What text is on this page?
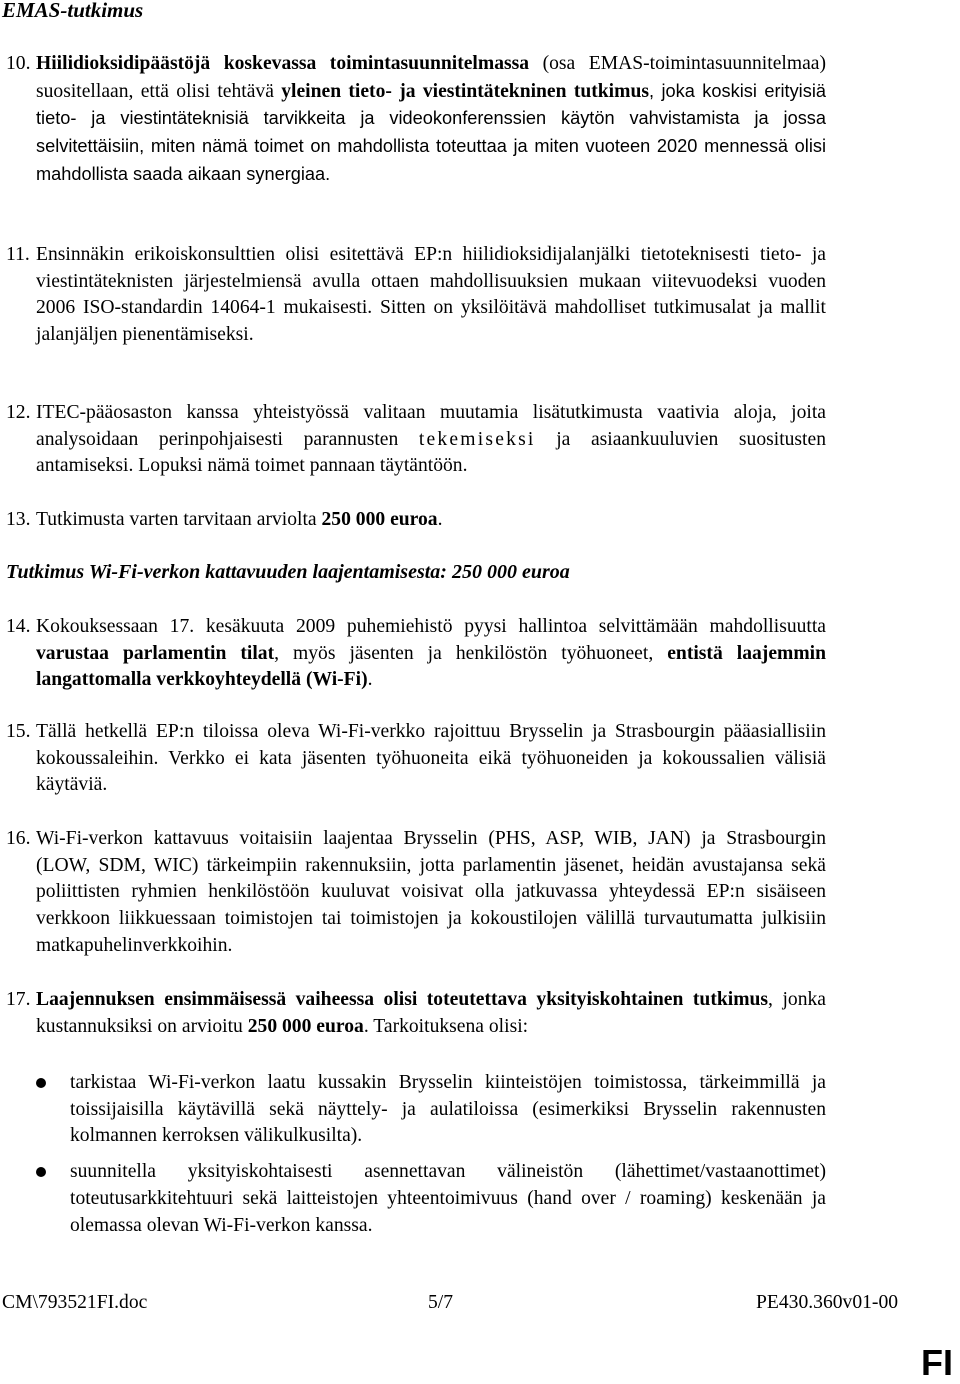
EMAS-tutkimus
10. Hiilidioksidipäästöjä koskevassa toimintasuunnitelmassa (osa EMAS-toimintasuunnitelmaa) suositellaan, että olisi tehtävä yleinen tieto- ja viestintätekninen tutkimus, joka koskisi erityisiä tieto- ja viestintäteknisiä tarvikkeita ja videokonferenssien käytön vahvistamista ja jossa selvitettäisiin, miten nämä toimet on mahdollista toteuttaa ja miten vuoteen 2020 mennessä olisi mahdollista saada aikaan synergiaa.
11. Ensinnäkin erikoiskonsulttien olisi esitettävä EP:n hiilidioksidijalanjälki tietoteknisesti tieto- ja viestintäteknisten järjestelmiensä avulla ottaen mahdollisuuksien mukaan viitevuodeksi vuoden 2006 ISO-standardin 14064-1 mukaisesti. Sitten on yksilöitävä mahdolliset tutkimusalat ja mallit jalanjäljen pienentämiseksi.
12. ITEC-pääosaston kanssa yhteistyössä valitaan muutamia lisätutkimusta vaativia aloja, joita analysoidaan perinpohjaisesti parannusten tekemiseksi ja asiaankuuluvien suositusten antamiseksi. Lopuksi nämä toimet pannaan täytäntöön.
13. Tutkimusta varten tarvitaan arviolta 250 000 euroa.
Tutkimus Wi-Fi-verkon kattavuuden laajentamisesta: 250 000 euroa
14. Kokouksessaan 17. kesäkuuta 2009 puhemiehistö pyysi hallintoa selvittämään mahdollisuutta varustaa parlamentin tilat, myös jäsenten ja henkilöstön työhuoneet, entistä laajemmin langattomalla verkkoyhteydellä (Wi-Fi).
15. Tällä hetkellä EP:n tiloissa oleva Wi-Fi-verkko rajoittuu Brysselin ja Strasbourgin pääasiallisiin kokoussaleihin. Verkko ei kata jäsenten työhuoneita eikä työhuoneiden ja kokoussalien välisiä käytäviä.
16. Wi-Fi-verkon kattavuus voitaisiin laajentaa Brysselin (PHS, ASP, WIB, JAN) ja Strasbourgin (LOW, SDM, WIC) tärkeimpiin rakennuksiin, jotta parlamentin jäsenet, heidän avustajansa sekä poliittisten ryhmien henkilöstöön kuuluvat voisivat olla jatkuvassa yhteydessä EP:n sisäiseen verkkoon liikkuessaan toimistojen tai toimistojen ja kokoustilojen välillä turvautumatta julkisiin matkapuhelinverkkoihin.
17. Laajennuksen ensimmäisessä vaiheessa olisi toteutettava yksityiskohtainen tutkimus, jonka kustannuksiksi on arvioitu 250 000 euroa. Tarkoituksena olisi:
tarkistaa Wi-Fi-verkon laatu kussakin Brysselin kiinteistöjen toimistossa, tärkeimmillä ja toissijaisilla käytävillä sekä näyttely- ja aulatiloissa (esimerkiksi Brysselin rakennusten kolmannen kerroksen välikulkusilta).
suunnitella yksityiskohtaisesti asennettavan välineistön (lähettimet/vastaanottimet) toteutusarkkitehtuuri sekä laitteistojen yhteentoimivuus (hand over / roaming) keskenään ja olemassa olevan Wi-Fi-verkon kanssa.
CM\793521FI.doc	5/7	PE430.360v01-00
FI
